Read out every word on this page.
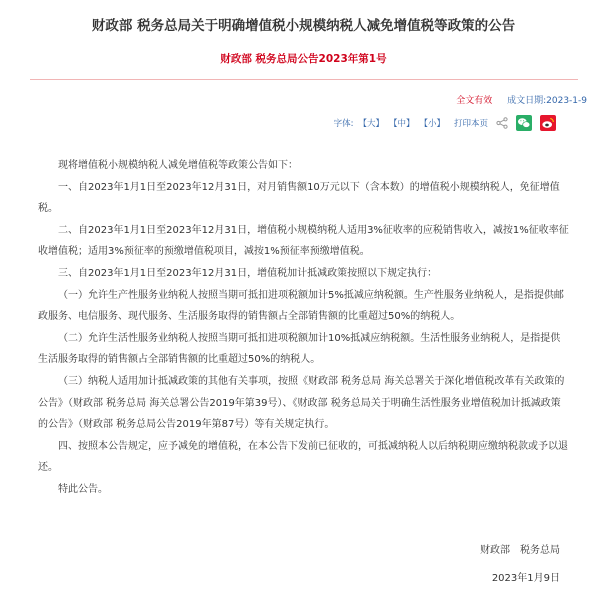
财政部 税务总局关于明确增值税小规模纳税人减免增值税等政策的公告
财政部 税务总局公告2023年第1号
全文有效 成文日期:2023-1-9
字体: 【大】 【中】 【小】 打印本页

现将增值税小规模纳税人减免增值税等政策公告如下：

一、自2023年1月1日至2023年12月31日，对月销售额10万元以下（含本数）的增值税小规模纳税人，免征增值税。

二、自2023年1月1日至2023年12月31日，增值税小规模纳税人适用3%征收率的应税销售收入，减按1%征收率征收增值税；适用3%预征率的预缴增值税项目，减按1%预征率预缴增值税。

三、自2023年1月1日至2023年12月31日，增值税加计抵减政策按照以下规定执行：

（一）允许生产性服务业纳税人按照当期可抵扣进项税额加计5%抵减应纳税额。生产性服务业纳税人，是指提供邮政服务、电信服务、现代服务、生活服务取得的销售额占全部销售额的比重超过50%的纳税人。

（二）允许生活性服务业纳税人按照当期可抵扣进项税额加计10%抵减应纳税额。生活性服务业纳税人，是指提供生活服务取得的销售额占全部销售额的比重超过50%的纳税人。

（三）纳税人适用加计抵减政策的其他有关事项，按照《财政部 税务总局 海关总署关于深化增值税改革有关政策的公告》（财政部 税务总局 海关总署公告2019年第39号）、《财政部 税务总局关于明确生活性服务业增值税加计抵减政策的公告》（财政部 税务总局公告2019年第87号）等有关规定执行。

四、按照本公告规定，应予减免的增值税，在本公告下发前已征收的，可抵减纳税人以后纳税期应缴纳税款或予以退还。

特此公告。

财政部　税务总局
2023年1月9日
